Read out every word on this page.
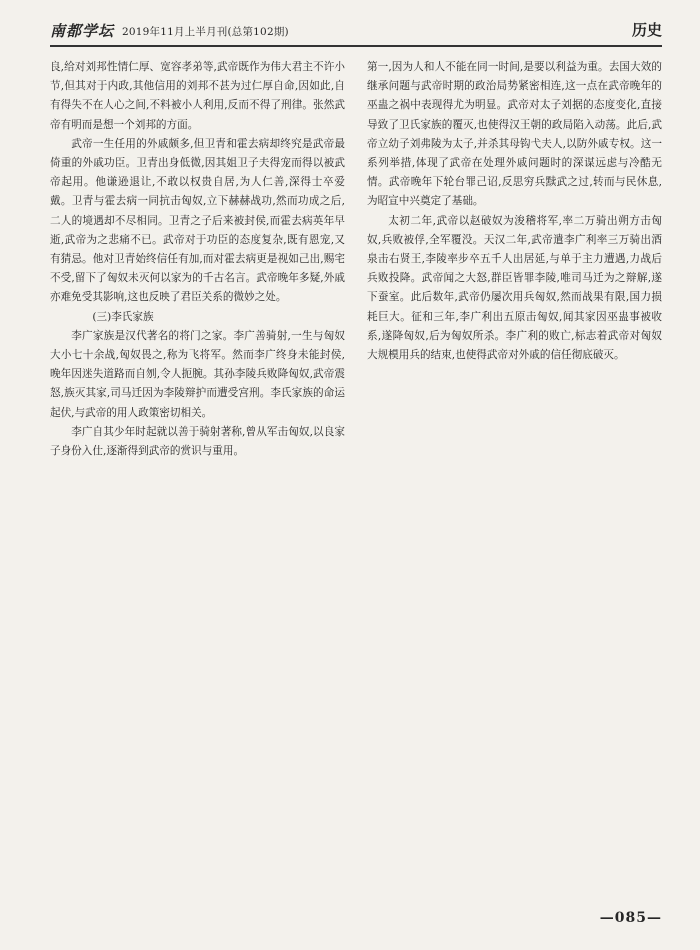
南都学坛 2019年11月上半月刊(总第102期)	历史

良,给对刘邦性情仁厚、宽容孝弟等,武帝既作为伟大君主不许小节,但其对于内政,其他信用的刘邦不甚为过仁厚自命,因如此,自有得失不在人心之间,不料被小人利用,反而不得了刑律。张然武帝有明而是想一个刘邦的方面。

武帝一生任用的外戚颇多,但卫青和霍去病却终究是武帝最倚重的外戚功臣。卫青出身低微,因其姐卫子夫得宠而得以被武帝起用。他谦逊退让,不敢以权贵自居,为人仁善,深得士卒爱戴。卫青与霍去病一同抗击匈奴,立下赫赫战功,然而功成之后,二人的境遇却不尽相同。卫青之子后来被封侯,而霍去病英年早逝,武帝为之悲痛不已。武帝对于功臣的态度复杂,既有恩宠,又有猜忌。他对卫青始终信任有加,而对霍去病更是视如己出,赐宅不受,留下了匈奴未灭何以家为的千古名言。武帝晚年多疑,外戚亦难免受其影响,这也反映了君臣关系的微妙之处。

(三)李氏家族

李广家族是汉代著名的将门之家。李广善骑射,一生与匈奴大小七十余战,匈奴畏之,称为飞将军。然而李广终身未能封侯,晚年因迷失道路而自刎,令人扼腕。其孙李陵兵败降匈奴,武帝震怒,族灭其家,司马迁因为李陵辩护而遭受宫刑。李氏家族的命运起伏,与武帝的用人政策密切相关。

李广自其少年时起就以善于骑射著称,曾从军击匈奴,以良家子身份入仕,逐渐得到武帝的赏识与重用。

第一,因为人和人不能在同一时间,是要以利益为重。去国大效的继承问题与武帝时期的政治局势紧密相连,这一点在武帝晚年的巫蛊之祸中表现得尤为明显。武帝对太子刘据的态度变化,直接导致了卫氏家族的覆灭,也使得汉王朝的政局陷入动荡。此后,武帝立幼子刘弗陵为太子,并杀其母钩弋夫人,以防外戚专权。这一系列举措,体现了武帝在处理外戚问题时的深谋远虑与冷酷无情。武帝晚年下轮台罪己诏,反思穷兵黩武之过,转而与民休息,为昭宣中兴奠定了基础。

太初二年,武帝以赵破奴为浚稽将军,率二万骑出朔方击匈奴,兵败被俘,全军覆没。天汉二年,武帝遣李广利率三万骑出酒泉击右贤王,李陵率步卒五千人出居延,与单于主力遭遇,力战后兵败投降。武帝闻之大怒,群臣皆罪李陵,唯司马迁为之辩解,遂下蚕室。此后数年,武帝仍屡次用兵匈奴,然而战果有限,国力损耗巨大。征和三年,李广利出五原击匈奴,闻其家因巫蛊事被收系,遂降匈奴,后为匈奴所杀。李广利的败亡,标志着武帝对匈奴大规模用兵的结束,也使得武帝对外戚的信任彻底破灭。

—085—
